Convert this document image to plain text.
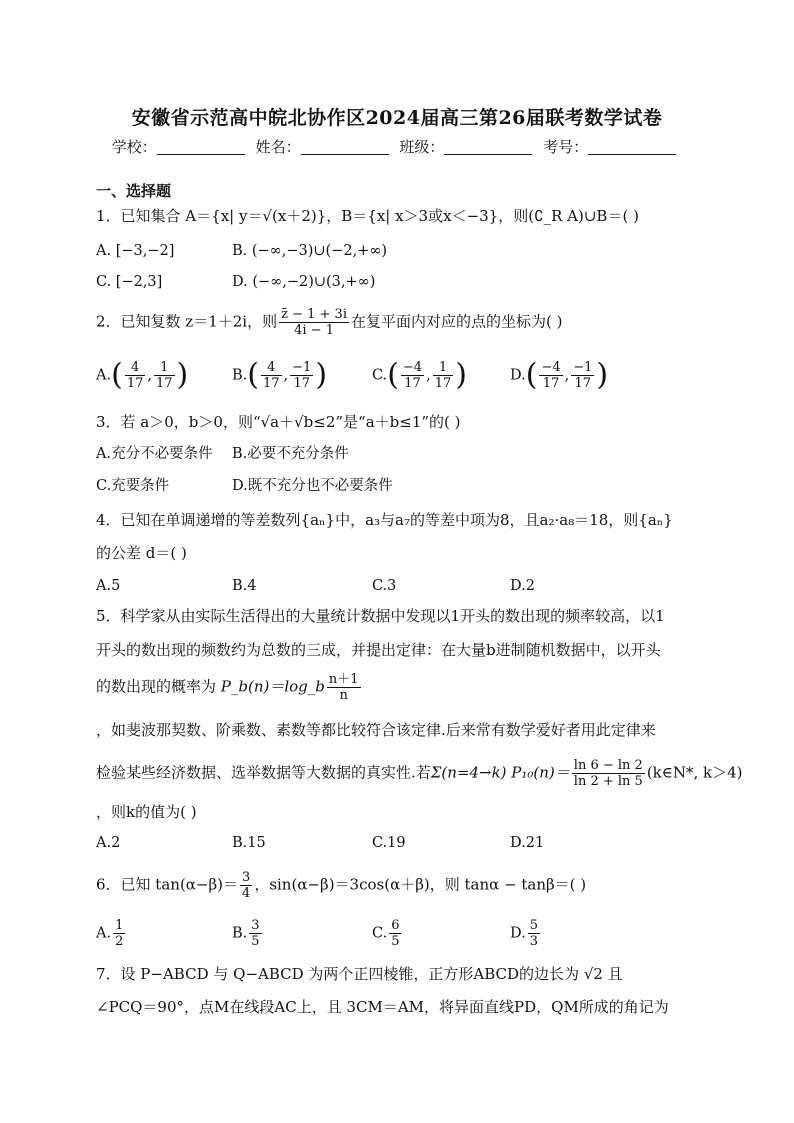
安徽省示范高中皖北协作区2024届高三第26届联考数学试卷
学校：	姓名：	班级：	考号：
一、选择题
1．已知集合 A＝{x| y＝√(x＋2)}，B＝{x| x＞3或x＜−3}，则(∁_R A)∪B＝( )
A. [−3,−2]	B. (−∞,−3)∪(−2,+∞)
C. [−2,3]	D. (−∞,−2)∪(3,+∞)
2．已知复数 z＝1＋2i，则 $\frac{z̄ - 1 + 3i}{4i - 1}$ 在复平面内对应的点的坐标为( )
$A.( \frac{4}{17}$ , $\frac{1}{17}$ )	$B.( \frac{4}{17}$ , $\frac{-1}{17}$ )	$C.( \frac{-4}{17}$ , $\frac{1}{17}$ )	$D.( \frac{-4}{17}$ , $\frac{-1}{17}$ )
3．若 a＞0，b＞0，则“√a＋√b≤2”是“a＋b≤1”的( )
A.充分不必要条件 B.必要不充分条件
C.充要条件	D.既不充分也不必要条件
4．已知在单调递增的等差数列{aₙ}中，a₃与a₇的等差中项为8，且a₂·a₈＝18，则{aₙ}
的公差 d＝( )
A.5	B.4	C.3	D.2
5．科学家从由实际生活得出的大量统计数据中发现以1开头的数出现的频率较高，以1
开头的数出现的频数约为总数的三成，并提出定律：在大量b进制随机数据中，以开头
的数出现的概率为 P_b(n)＝log_b $\frac{n+1}{n}$
，如斐波那契数、阶乘数、素数等都比较符合该定律.后来常有数学爱好者用此定律来
检验某些经济数据、选举数据等大数据的真实性.若Σ(n=4→k) $P_{10}(n)= \frac{\ln 6 - \ln 2}{\ln 2 + \ln 5}$ (k∈N*, k＞4)
，则k的值为( )
A.2	B.15	C.19	D.21
6．已知 $\tan(\alpha-\beta)= \frac{3}{4}$ ，sin(α−β)＝3cos(α＋β)，则 tanα − tanβ＝( )
A. $\frac{1}{2}$	B. $\frac{3}{5}$	C. $\frac{6}{5}$	D. $\frac{5}{3}$
7．设 P−ABCD 与 Q−ABCD 为两个正四棱锥，正方形ABCD的边长为 √2 且
∠PCQ＝90°，点M在线段AC上，且 3CM＝AM，将异面直线PD，QM所成的角记为
